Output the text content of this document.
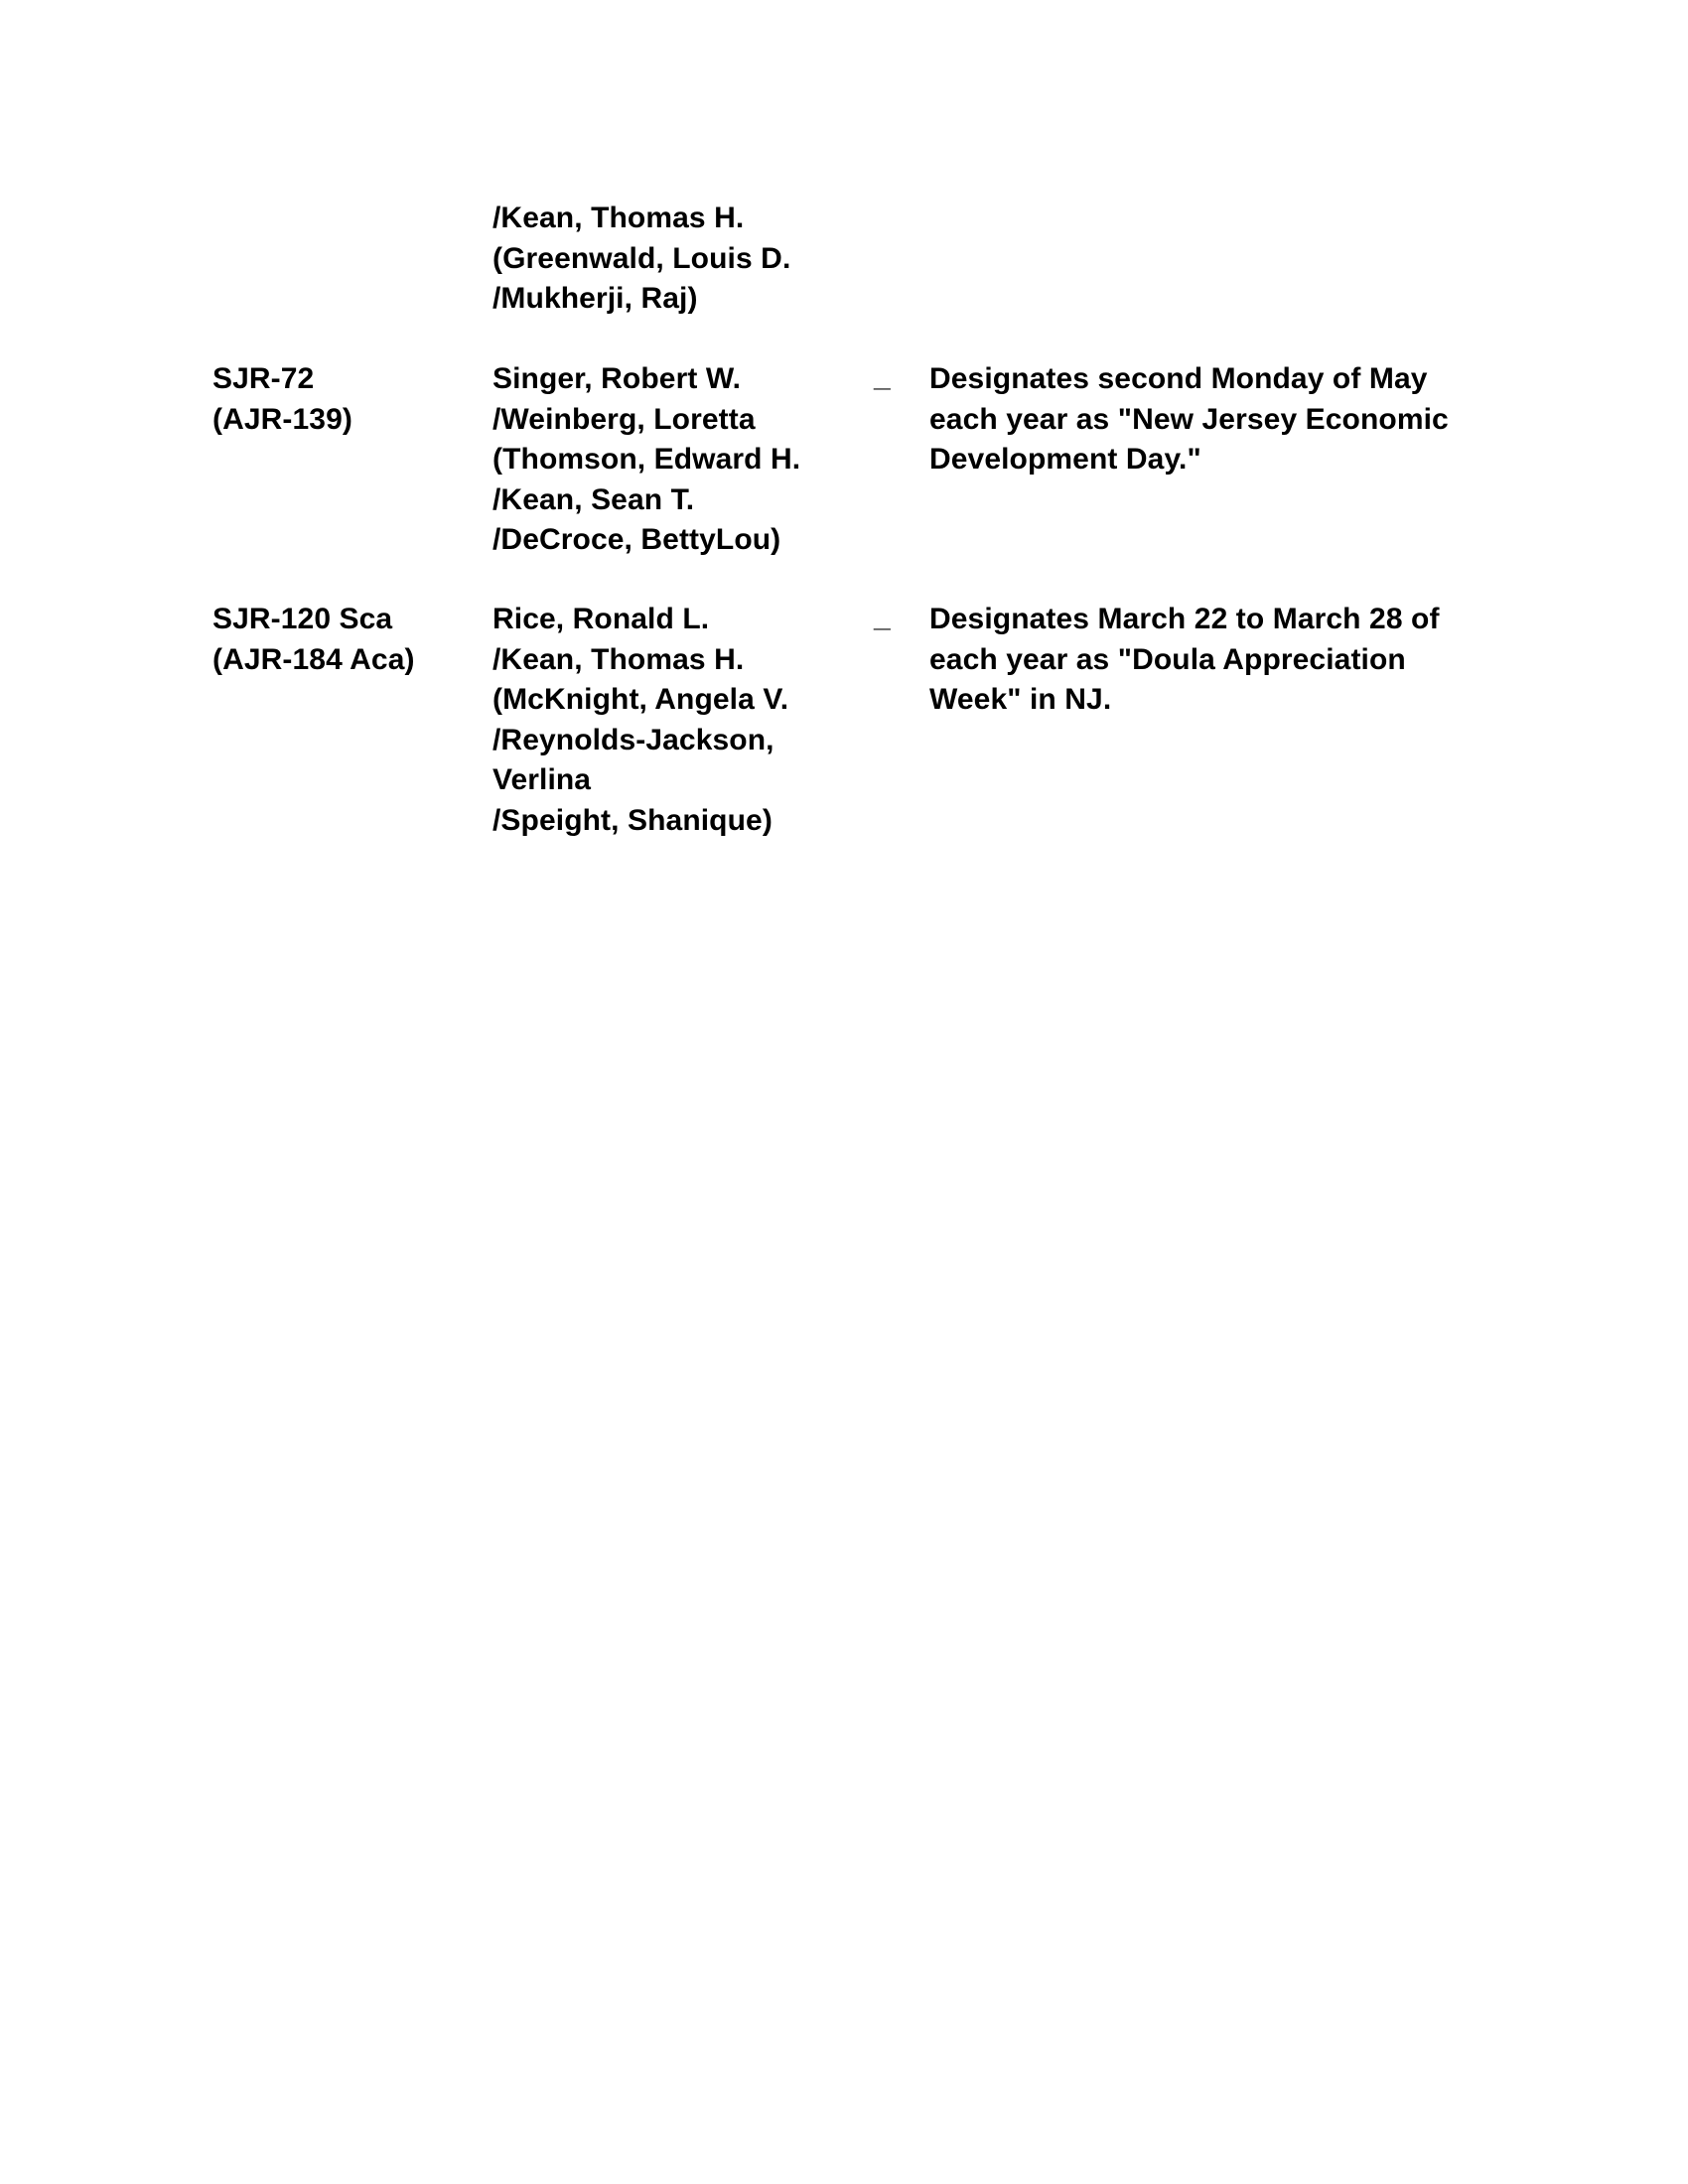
/Kean, Thomas H.
(Greenwald, Louis D.
/Mukherji, Raj)
SJR-72
(AJR-139)
Singer, Robert W.
/Weinberg, Loretta
(Thomson, Edward H.
/Kean, Sean T.
/DeCroce, BettyLou)
_ Designates second Monday of May
each year as "New Jersey Economic
Development Day."
SJR-120 Sca
(AJR-184 Aca)
Rice, Ronald L.
/Kean, Thomas H.
(McKnight, Angela V.
/Reynolds-Jackson,
Verlina
/Speight, Shanique)
_ Designates March 22 to March 28 of
each year as "Doula Appreciation
Week" in NJ.
